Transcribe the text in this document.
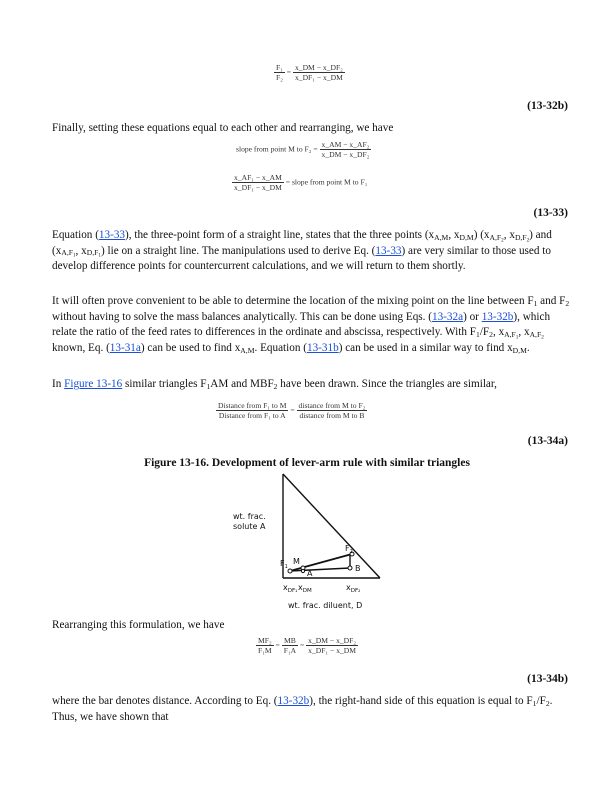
$\frac{\text{F₁}}{\text{F₂}} = \frac{\text{x\_DM − x\_DF₂}}{\text{x\_DF₁ − x\_DM}}$
(13-32b)
Finally, setting these equations equal to each other and rearranging, we have
slope from point M to $F_2 = \frac{\text{x\_AM − x\_AF₂}}{\text{x\_DM − x\_DF₂}}$
$\frac{\text{x\_AF₁ − x\_AM}}{\text{x\_DF₁ − x\_DM}}$ = slope from point M to F₁
(13-33)
Equation (13-33), the three-point form of a straight line, states that the three points ($x_{A,M}$, $x_{D,M}$) ($x_{A,F_2}$, $x_{D,F_2}$) and ($x_{A,F_1}$, $x_{D,F_1}$) lie on a straight line. The manipulations used to derive Eq. (13-33) are very similar to those used to develop difference points for countercurrent calculations, and we will return to them shortly.
It will often prove convenient to be able to determine the location of the mixing point on the line between $F_1$ and $F_2$ without having to solve the mass balances analytically. This can be done using Eqs. (13-32a) or 13-32b), which relate the ratio of the feed rates to differences in the ordinate and abscissa, respectively. With $F_1/F_2$, $x_{A,F_1}$, $x_{A,F_2}$ known, Eq. (13-31a) can be used to find $x_{A,M}$. Equation (13-31b) can be used in a similar way to find $x_{D,M}$.
In Figure 13-16 similar triangles $F_1AM$ and $MBF_2$ have been drawn. Since the triangles are similar,
$\frac{\text{Distance from F₁ to M}}{\text{Distance from F₁ to A}} = \frac{\text{distance from M to F₂}}{\text{distance from M to B}}$
(13-34a)
Figure 13-16. Development of lever-arm rule with similar triangles
wt. frac.
solute A
$F_1$
M
A
$F_2$
B
$x_{DF_1}$ $x_{DM}$	$x_{DF_2}$
wt. frac. diluent, D
Rearranging this formulation, we have
$\frac{\text{MF₂}}{\text{F₁M}} = \frac{MB}{\text{F₁A}} = \frac{\text{x\_DM − x\_DF₂}}{\text{x\_DF₁ − x\_DM}}$
(13-34b)
where the bar denotes distance. According to Eq. (13-32b), the right-hand side of this equation is equal to $F_1/F_2$. Thus, we have shown that
